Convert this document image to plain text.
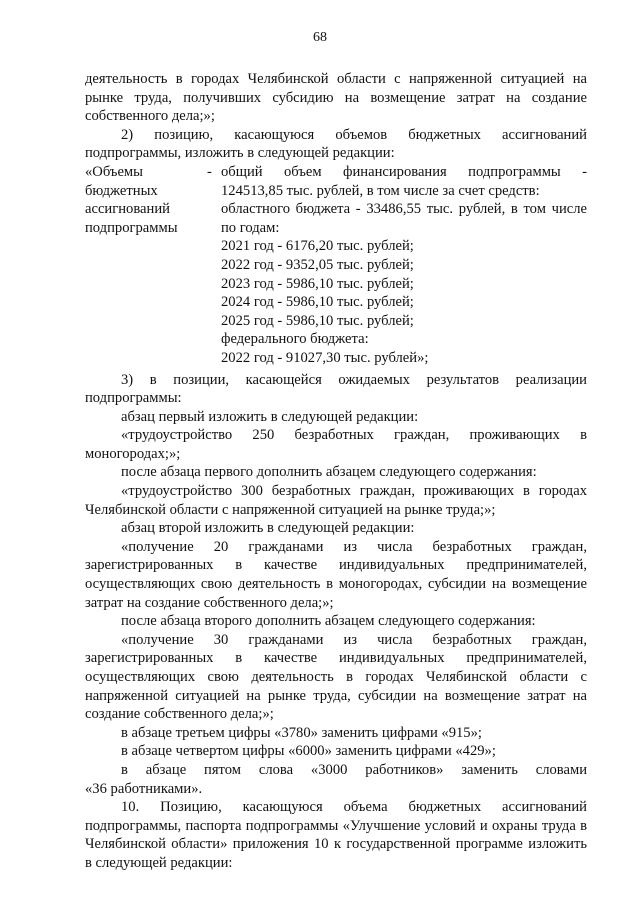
68

деятельность в городах Челябинской области с напряженной ситуацией на

рынке труда, получивших субсидию на возмещение затрат на создание

собственного дела;»;

2) позицию, касающуюся объемов бюджетных ассигнований

подпрограммы, изложить в следующей редакции:

«Объемы
бюджетных
ассигнований
подпрограммы
- общий объем финансирования подпрограммы -

124513,85 тыс. рублей, в том числе за счет средств:

областного бюджета - 33486,55 тыс. рублей, в том числе

по годам:

2021 год - 6176,20 тыс. рублей;

2022 год - 9352,05 тыс. рублей;

2023 год - 5986,10 тыс. рублей;

2024 год - 5986,10 тыс. рублей;

2025 год - 5986,10 тыс. рублей;

федерального бюджета:

2022 год - 91027,30 тыс. рублей»;

3) в позиции, касающейся ожидаемых результатов реализации

подпрограммы:

абзац первый изложить в следующей редакции:

«трудоустройство 250 безработных граждан, проживающих в

моногородах;»;

после абзаца первого дополнить абзацем следующего содержания:

«трудоустройство 300 безработных граждан, проживающих в городах

Челябинской области с напряженной ситуацией на рынке труда;»;

абзац второй изложить в следующей редакции:

«получение 20 гражданами из числа безработных граждан,

зарегистрированных в качестве индивидуальных предпринимателей,

осуществляющих свою деятельность в моногородах, субсидии на возмещение

затрат на создание собственного дела;»;

после абзаца второго дополнить абзацем следующего содержания:

«получение 30 гражданами из числа безработных граждан,

зарегистрированных в качестве индивидуальных предпринимателей,

осуществляющих свою деятельность в городах Челябинской области с

напряженной ситуацией на рынке труда, субсидии на возмещение затрат на

создание собственного дела;»;

в абзаце третьем цифры «3780» заменить цифрами «915»;

в абзаце четвертом цифры «6000» заменить цифрами «429»;

в абзаце пятом слова «3000 работников» заменить словами

«36 работниками».

10. Позицию, касающуюся объема бюджетных ассигнований

подпрограммы, паспорта подпрограммы «Улучшение условий и охраны труда в

Челябинской области» приложения 10 к государственной программе изложить

в следующей редакции:
